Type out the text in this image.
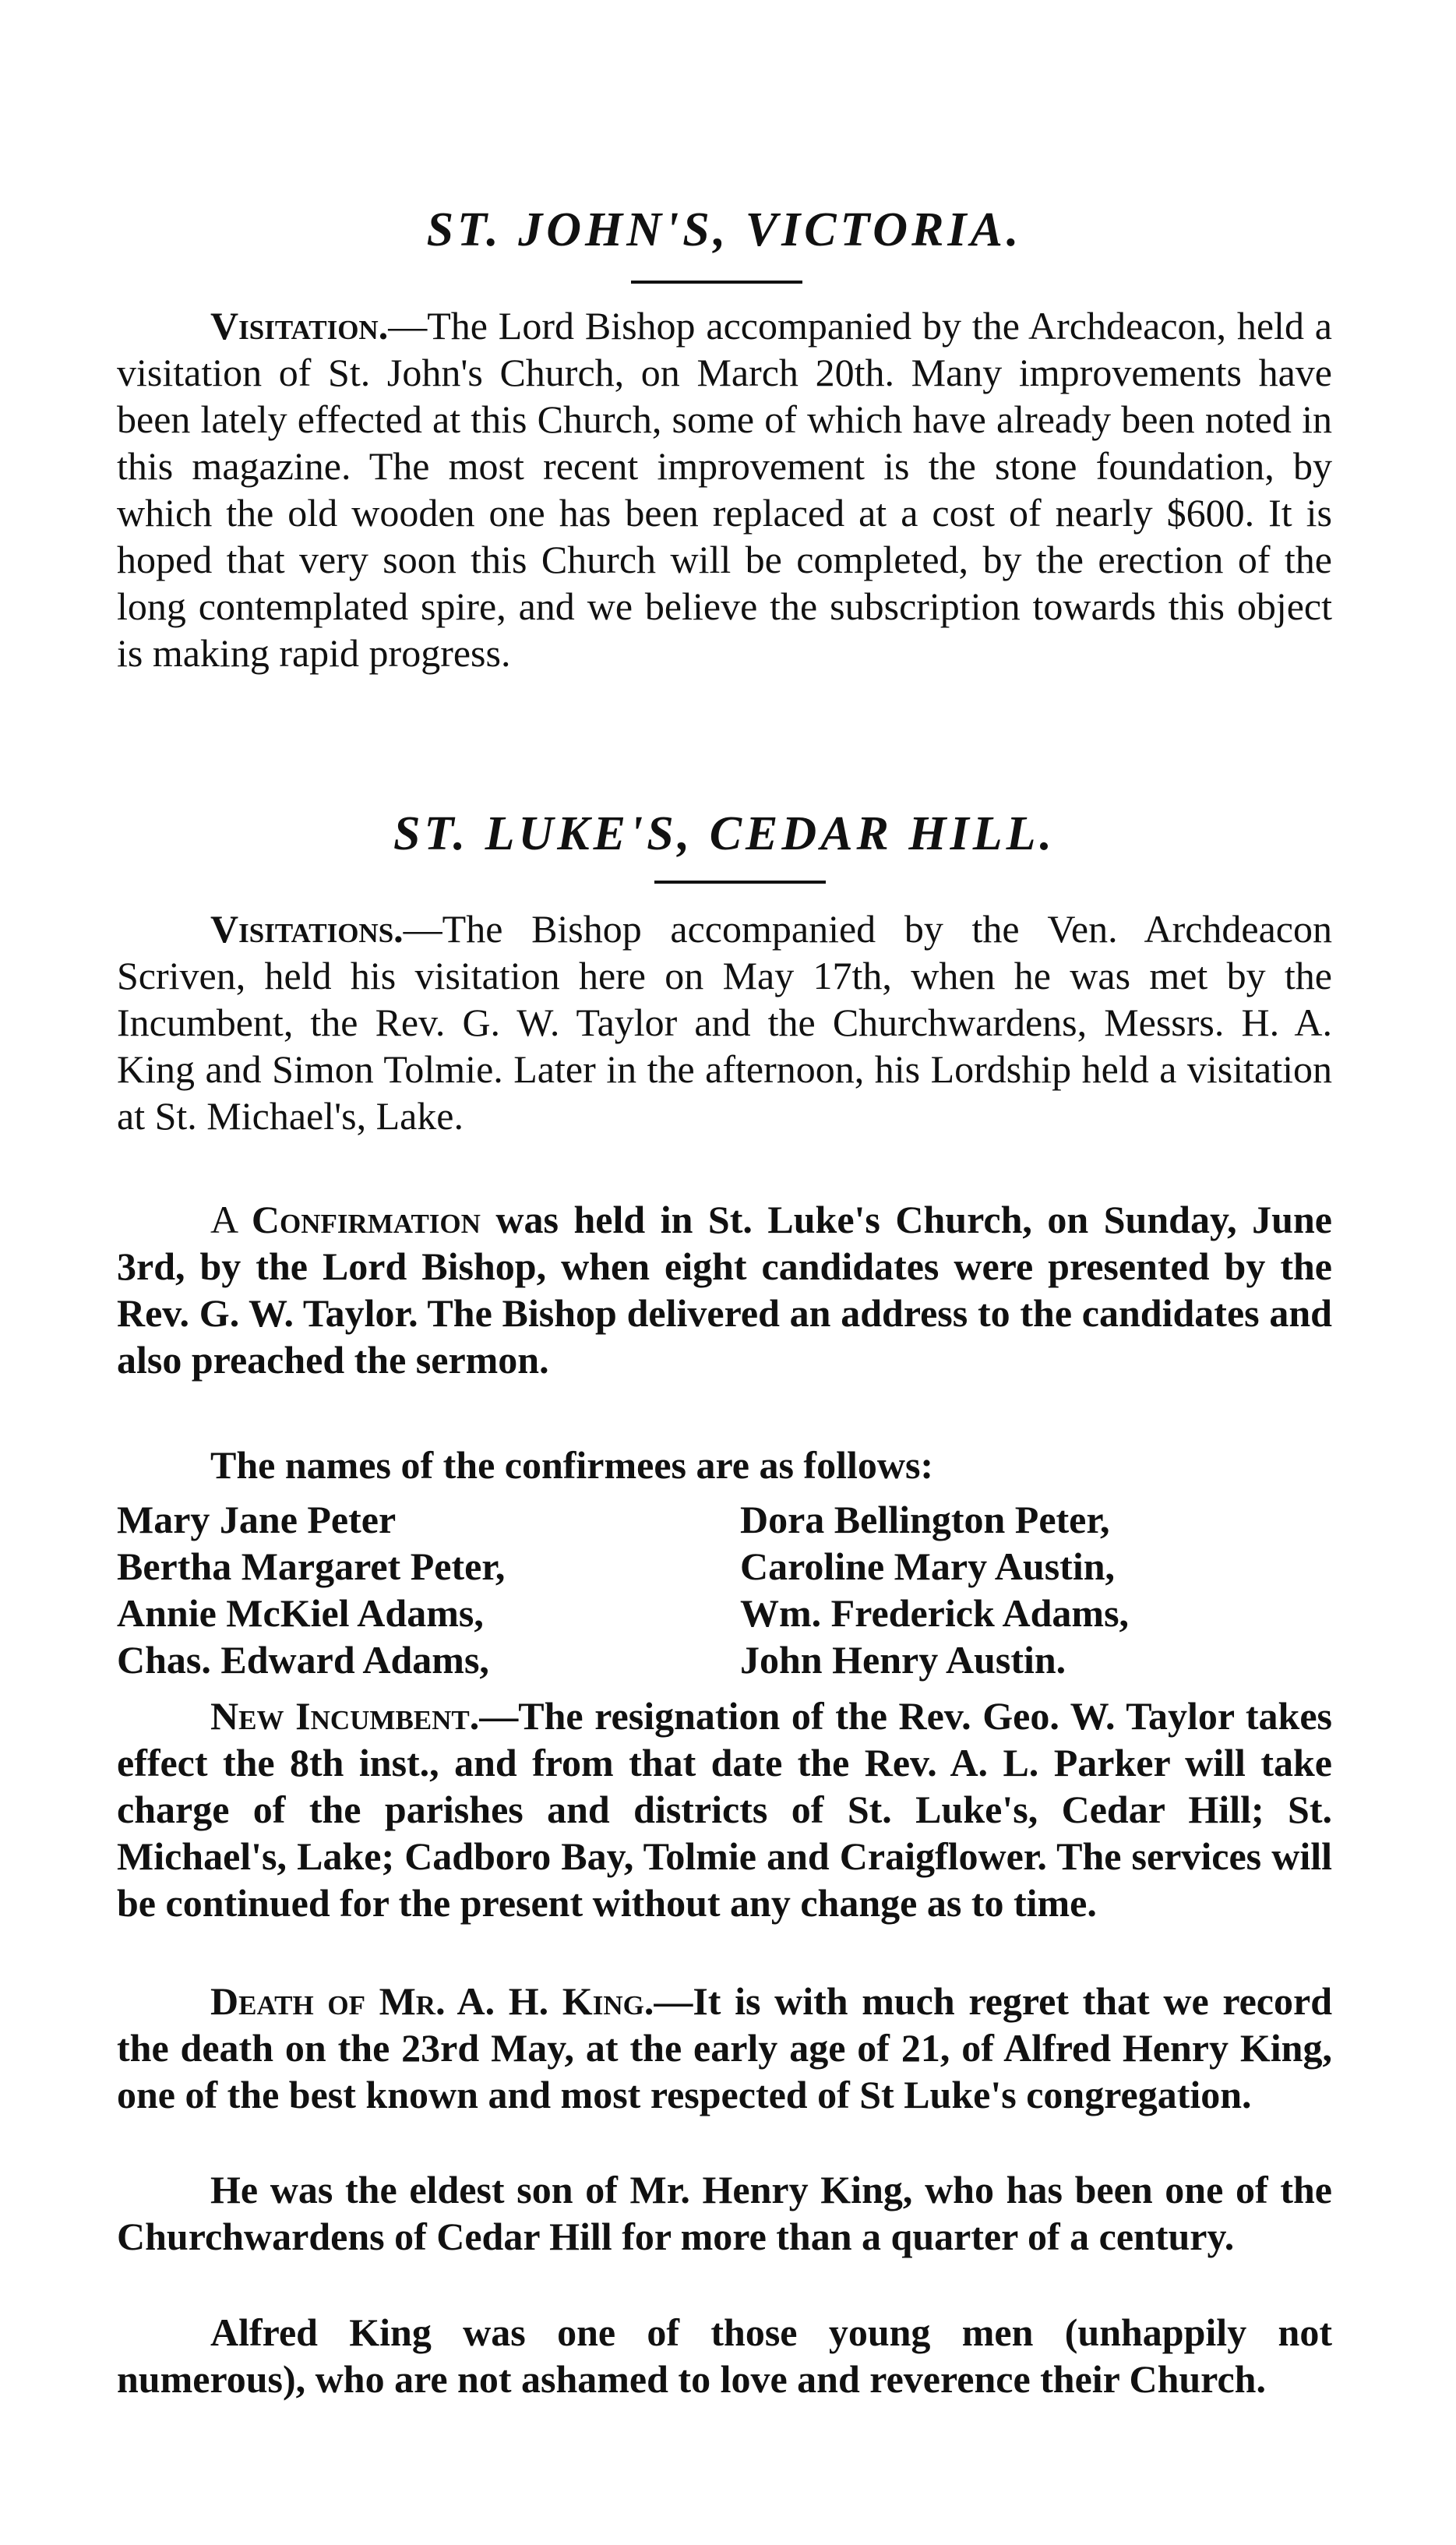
ST. JOHN'S, VICTORIA.

Visitation.—The Lord Bishop accompanied by the Archdeacon, held a visitation of St. John's Church, on March 20th. Many improvements have been lately effected at this Church, some of which have already been noted in this magazine. The most recent improvement is the stone foundation, by which the old wooden one has been replaced at a cost of nearly $600. It is hoped that very soon this Church will be completed, by the erection of the long contemplated spire, and we believe the subscription towards this object is making rapid progress.

ST. LUKE'S, CEDAR HILL.

Visitations.—The Bishop accompanied by the Ven. Archdeacon Scriven, held his visitation here on May 17th, when he was met by the Incumbent, the Rev. G. W. Taylor and the Churchwardens, Messrs. H. A. King and Simon Tolmie. Later in the afternoon, his Lordship held a visitation at St. Michael's, Lake.

A Confirmation was held in St. Luke's Church, on Sunday, June 3rd, by the Lord Bishop, when eight candidates were presented by the Rev. G. W. Taylor. The Bishop delivered an address to the candidates and also preached the sermon.

The names of the confirmees are as follows:

Mary Jane Peter	Dora Bellington Peter,
Bertha Margaret Peter,	Caroline Mary Austin,
Annie McKiel Adams,	Wm. Frederick Adams,
Chas. Edward Adams,	John Henry Austin.

New Incumbent.—The resignation of the Rev. Geo. W. Taylor takes effect the 8th inst., and from that date the Rev. A. L. Parker will take charge of the parishes and districts of St. Luke's, Cedar Hill; St. Michael's, Lake; Cadboro Bay, Tolmie and Craigflower. The services will be continued for the present without any change as to time.

Death of Mr. A. H. King.—It is with much regret that we record the death on the 23rd May, at the early age of 21, of Alfred Henry King, one of the best known and most respected of St Luke's congregation.

He was the eldest son of Mr. Henry King, who has been one of the Churchwardens of Cedar Hill for more than a quarter of a century.

Alfred King was one of those young men (unhappily not numerous), who are not ashamed to love and reverence their Church.
